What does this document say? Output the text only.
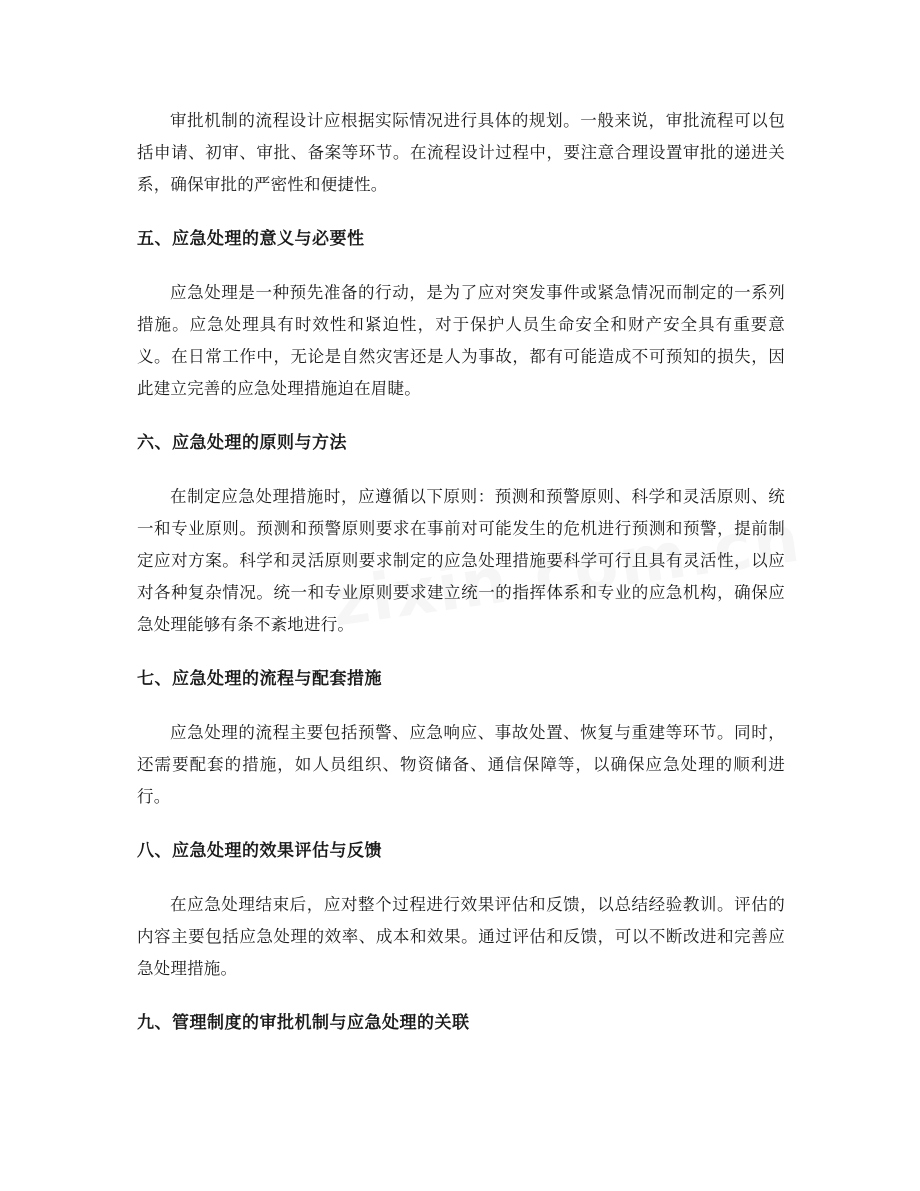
审批机制的流程设计应根据实际情况进行具体的规划。一般来说，审批流程可以包括申请、初审、审批、备案等环节。在流程设计过程中，要注意合理设置审批的递进关系，确保审批的严密性和便捷性。

五、应急处理的意义与必要性

应急处理是一种预先准备的行动，是为了应对突发事件或紧急情况而制定的一系列措施。应急处理具有时效性和紧迫性，对于保护人员生命安全和财产安全具有重要意义。在日常工作中，无论是自然灾害还是人为事故，都有可能造成不可预知的损失，因此建立完善的应急处理措施迫在眉睫。

六、应急处理的原则与方法

在制定应急处理措施时，应遵循以下原则：预测和预警原则、科学和灵活原则、统一和专业原则。预测和预警原则要求在事前对可能发生的危机进行预测和预警，提前制定应对方案。科学和灵活原则要求制定的应急处理措施要科学可行且具有灵活性，以应对各种复杂情况。统一和专业原则要求建立统一的指挥体系和专业的应急机构，确保应急处理能够有条不紊地进行。

七、应急处理的流程与配套措施

应急处理的流程主要包括预警、应急响应、事故处置、恢复与重建等环节。同时，还需要配套的措施，如人员组织、物资储备、通信保障等，以确保应急处理的顺利进行。

八、应急处理的效果评估与反馈

在应急处理结束后，应对整个过程进行效果评估和反馈，以总结经验教训。评估的内容主要包括应急处理的效率、成本和效果。通过评估和反馈，可以不断改进和完善应急处理措施。

九、管理制度的审批机制与应急处理的关联
